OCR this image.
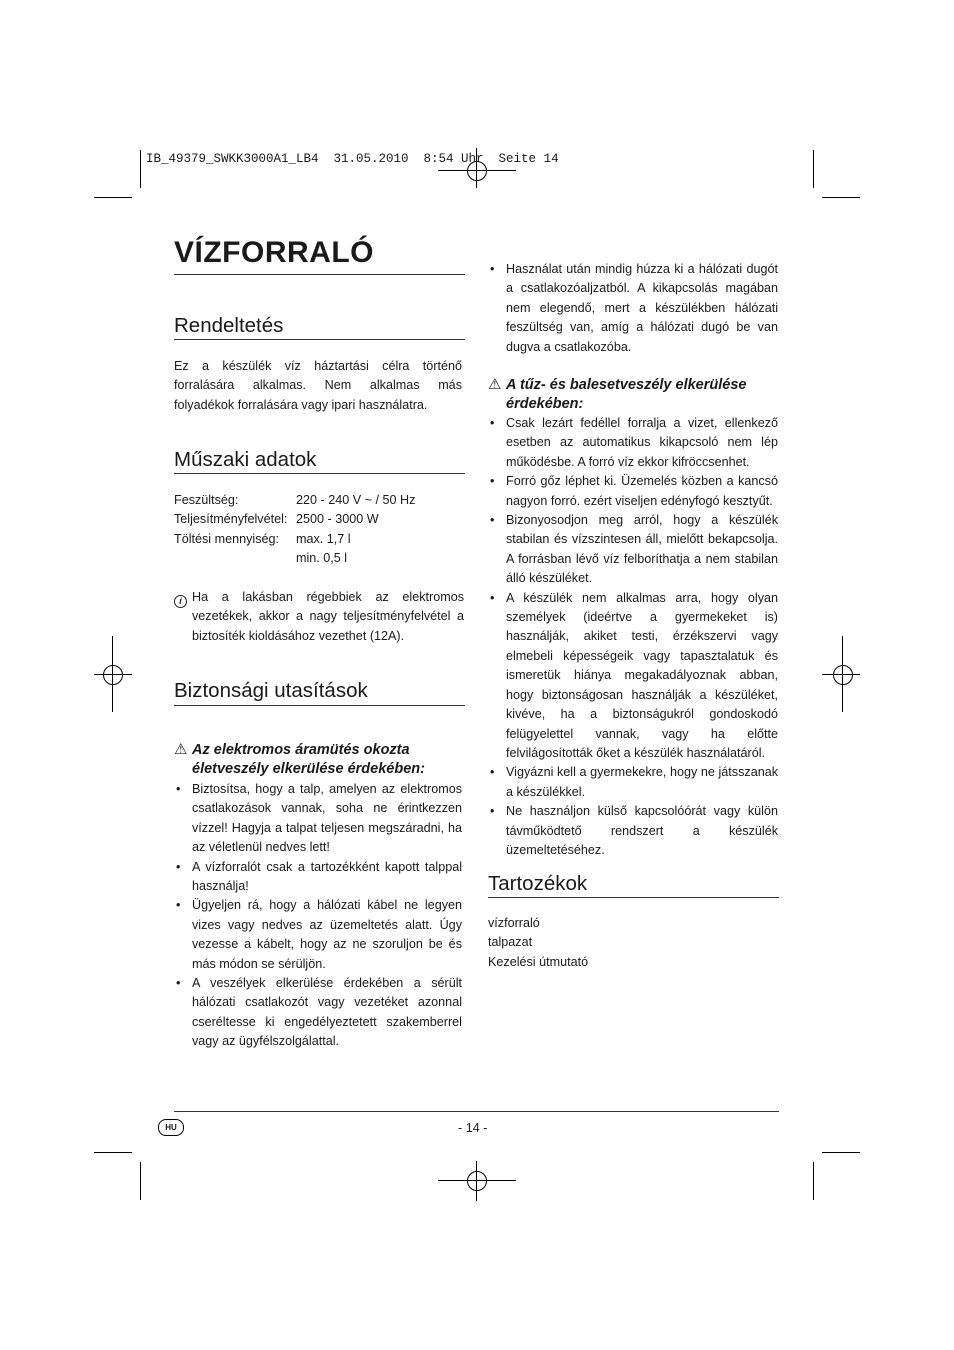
IB_49379_SWKK3000A1_LB4  31.05.2010  8:54 Uhr  Seite 14
VÍZFORRALÓ
Rendeltetés

Ez a készülék víz háztartási célra történő forralására alkalmas. Nem alkalmas más folyadékok forralására vagy ipari használatra.

Műszaki adatok
Feszültség:	220 - 240 V ~ / 50 Hz
Teljesítményfelvétel: 2500 - 3000 W
Töltési mennyiség:	max. 1,7 l
min. 0,5 l
i Ha a lakásban régebbiek az elektromos vezetékek, akkor a nagy teljesítményfelvétel a biztosíték kioldásához vezethet (12A).

Biztonsági utasítások
⚠ Az elektromos áramütés okozta
életveszély elkerülése érdekében:
• Biztosítsa, hogy a talp, amelyen az elektromos csatlakozások vannak, soha ne érintkezzen vízzel! Hagyja a talpat teljesen megszáradni, ha az véletlenül nedves lett!
• A vízforralót csak a tartozékként kapott talppal használja!
• Ügyeljen rá, hogy a hálózati kábel ne legyen vizes vagy nedves az üzemeltetés alatt. Úgy vezesse a kábelt, hogy az ne szoruljon be és más módon se sérüljön.
• A veszélyek elkerülése érdekében a sérült hálózati csatlakozót vagy vezetéket azonnal cseréltesse ki engedélyeztetett szakemberrel vagy az ügyfélszolgálattal.
• Használat után mindig húzza ki a hálózati dugót a csatlakozóaljzatból. A kikapcsolás magában nem elegendő, mert a készülékben hálózati feszültség van, amíg a hálózati dugó be van dugva a csatlakozóba.
⚠ A tűz- és balesetveszély elkerülése
érdekében:
• Csak lezárt fedéllel forralja a vizet, ellenkező esetben az automatikus kikapcsoló nem lép működésbe. A forró víz ekkor kifröccsenhet.
• Forró gőz léphet ki. Üzemelés közben a kancsó nagyon forró. ezért viseljen edényfogó kesztyűt.
• Bizonyosodjon meg arról, hogy a készülék stabilan és vízszintesen áll, mielőtt bekapcsolja. A forrásban lévő víz felboríthatja a nem stabilan álló készüléket.
• A készülék nem alkalmas arra, hogy olyan személyek (ideértve a gyermekeket is) használják, akiket testi, érzékszervi vagy elmebeli képességeik vagy tapasztalatuk és ismeretük hiánya megakadályoznak abban, hogy biztonságosan használják a készüléket, kivéve, ha a biztonságukról gondoskodó felügyelettel vannak, vagy ha előtte felvilágosították őket a készülék használatáról.
• Vigyázni kell a gyermekekre, hogy ne játsszanak a készülékkel.
• Ne használjon külső kapcsolóórát vagy külön távműködtető rendszert a készülék üzemeltetéséhez.
Tartozékok
vízforraló
talpazat
Kezelési útmutató
HU	- 14 -
